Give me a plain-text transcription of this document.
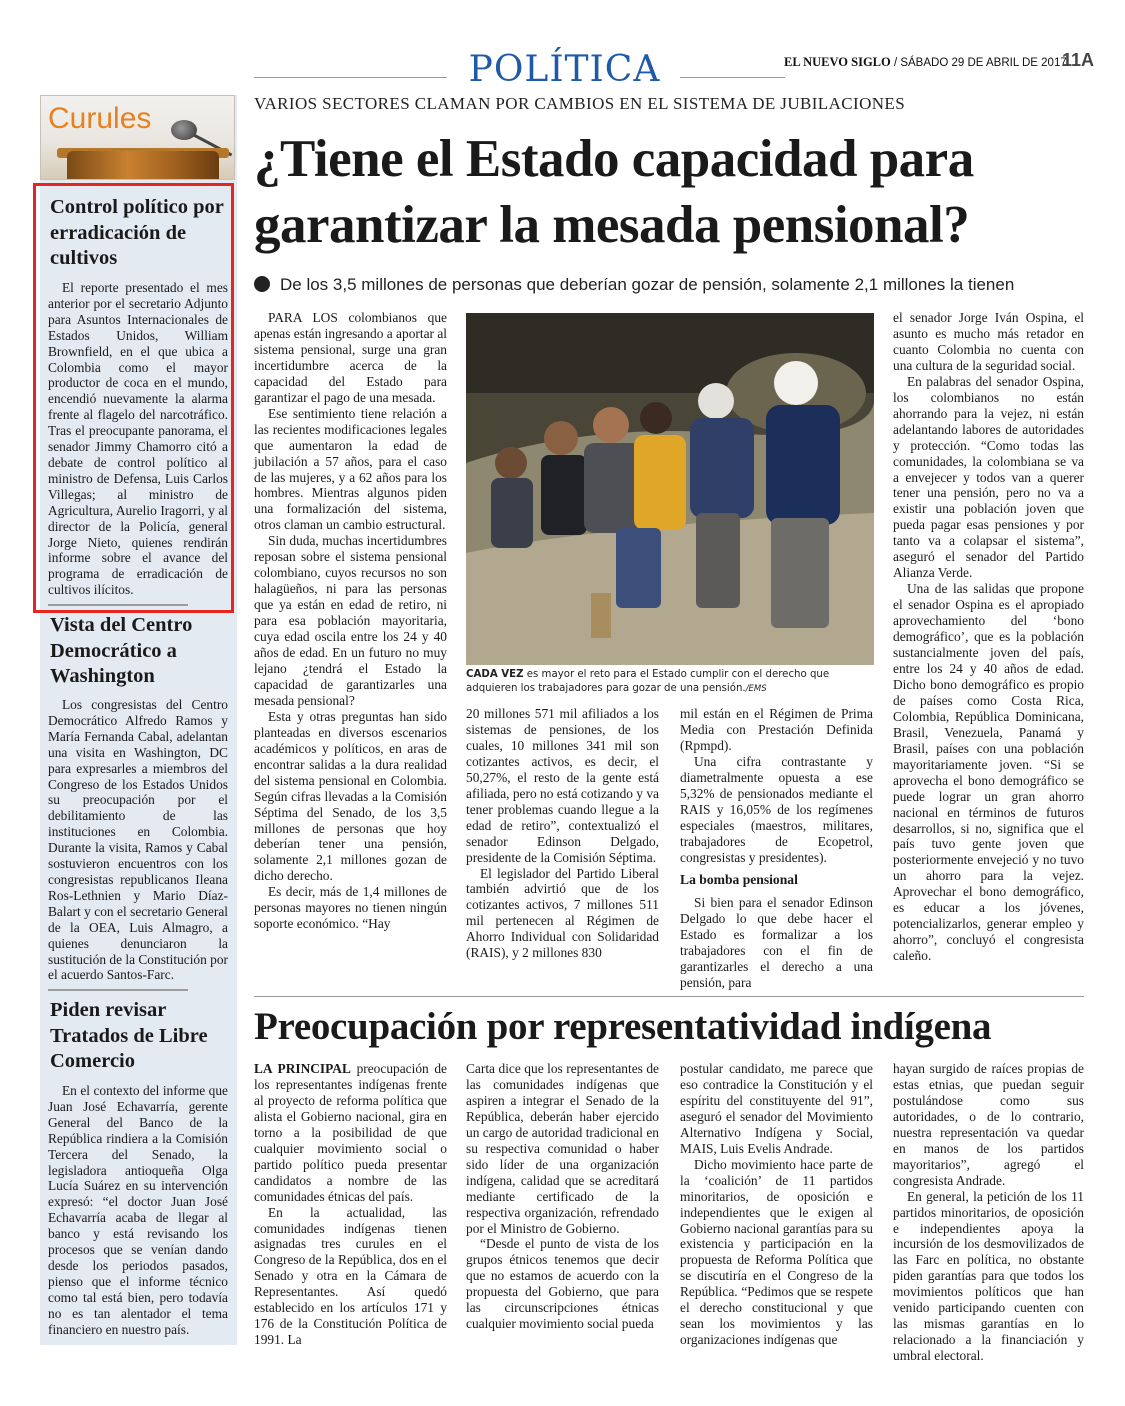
POLÍTICA	EL NUEVO SIGLO / SÁBADO 29 DE ABRIL DE 2017
11A
Curules
Control político por erradicación de cultivos

El reporte presentado el mes anterior por el secretario Adjunto para Asuntos Internacionales de Estados Unidos, William Brownfield, en el que ubica a Colombia como el mayor productor de coca en el mundo, encendió nuevamente la alarma frente al flagelo del narcotráfico. Tras el preocupante panorama, el senador Jimmy Chamorro citó a debate de control político al ministro de Defensa, Luis Carlos Villegas; al ministro de Agricultura, Aurelio Iragorri, y al director de la Policía, general Jorge Nieto, quienes rendirán informe sobre el avance del programa de erradicación de cultivos ilícitos.

Vista del Centro Democrático a Washington

Los congresistas del Centro Democrático Alfredo Ramos y María Fernanda Cabal, adelantan una visita en Washington, DC para expresarles a miembros del Congreso de los Estados Unidos su preocupación por el debilitamiento de las instituciones en Colombia. Durante la visita, Ramos y Cabal sostuvieron encuentros con los congresistas republicanos Ileana Ros-Lethnien y Mario Díaz-Balart y con el secretario General de la OEA, Luis Almagro, a quienes denunciaron la sustitución de la Constitución por el acuerdo Santos-Farc.

Piden revisar Tratados de Libre Comercio

En el contexto del informe que Juan José Echavarría, gerente General del Banco de la República rindiera a la Comisión Tercera del Senado, la legisladora antioqueña Olga Lucía Suárez en su intervención expresó: “el doctor Juan José Echavarría acaba de llegar al banco y está revisando los procesos que se venían dando desde los periodos pasados, pienso que el informe técnico como tal está bien, pero todavía no es tan alentador el tema financiero en nuestro país.

VARIOS SECTORES CLAMAN POR CAMBIOS EN EL SISTEMA DE JUBILACIONES
¿Tiene el Estado capacidad para garantizar la mesada pensional?
De los 3,5 millones de personas que deberían gozar de pensión, solamente 2,1 millones la tienen

PARA LOS colombianos que apenas están ingresando a aportar al sistema pensional, surge una gran incertidumbre acerca de la capacidad del Estado para garantizar el pago de una mesada.

Ese sentimiento tiene relación a las recientes modificaciones legales que aumentaron la edad de jubilación a 57 años, para el caso de las mujeres, y a 62 años para los hombres. Mientras algunos piden una formalización del sistema, otros claman un cambio estructural.

Sin duda, muchas incertidumbres reposan sobre el sistema pensional colombiano, cuyos recursos no son halagüeños, ni para las personas que ya están en edad de retiro, ni para esa población mayoritaria, cuya edad oscila entre los 24 y 40 años de edad. En un futuro no muy lejano ¿tendrá el Estado la capacidad de garantizarles una mesada pensional?

Esta y otras preguntas han sido planteadas en diversos escenarios académicos y políticos, en aras de encontrar salidas a la dura realidad del sistema pensional en Colombia. Según cifras llevadas a la Comisión Séptima del Senado, de los 3,5 millones de personas que hoy deberían tener una pensión, solamente 2,1 millones gozan de dicho derecho.

Es decir, más de 1,4 millones de personas mayores no tienen ningún soporte económico. “Hay

CADA VEZ es mayor el reto para el Estado cumplir con el derecho que adquieren los trabajadores para gozar de una pensión./EMS

20 millones 571 mil afiliados a los sistemas de pensiones, de los cuales, 10 millones 341 mil son cotizantes activos, es decir, el 50,27%, el resto de la gente está afiliada, pero no está cotizando y va tener problemas cuando llegue a la edad de retiro”, contextualizó el senador Edinson Delgado, presidente de la Comisión Séptima.

El legislador del Partido Liberal también advirtió que de los cotizantes activos, 7 millones 511 mil pertenecen al Régimen de Ahorro Individual con Solidaridad (RAIS), y 2 millones 830

mil están en el Régimen de Prima Media con Prestación Definida (Rpmpd).

Una cifra contrastante y diametralmente opuesta a ese 5,32% de pensionados mediante el RAIS y 16,05% de los regímenes especiales (maestros, militares, trabajadores de Ecopetrol, congresistas y presidentes).

La bomba pensional

Si bien para el senador Edinson Delgado lo que debe hacer el Estado es formalizar a los trabajadores con el fin de garantizarles el derecho a una pensión, para

el senador Jorge Iván Ospina, el asunto es mucho más retador en cuanto Colombia no cuenta con una cultura de la seguridad social.

En palabras del senador Ospina, los colombianos no están ahorrando para la vejez, ni están adelantando labores de autoridades y protección. “Como todas las comunidades, la colombiana se va a envejecer y todos van a querer tener una pensión, pero no va a existir una población joven que pueda pagar esas pensiones y por tanto va a colapsar el sistema”, aseguró el senador del Partido Alianza Verde.

Una de las salidas que propone el senador Ospina es el apropiado aprovechamiento del ‘bono demográfico’, que es la población sustancialmente joven del país, entre los 24 y 40 años de edad. Dicho bono demográfico es propio de países como Costa Rica, Colombia, República Dominicana, Brasil, Venezuela, Panamá y Brasil, países con una población mayoritariamente joven. “Si se aprovecha el bono demográfico se puede lograr un gran ahorro nacional en términos de futuros desarrollos, si no, significa que el país tuvo gente joven que posteriormente envejeció y no tuvo un ahorro para la vejez. Aprovechar el bono demográfico, es educar a los jóvenes, potencializarlos, generar empleo y ahorro”, concluyó el congresista caleño.

Preocupación por representatividad indígena

LA PRINCIPAL preocupación de los representantes indígenas frente al proyecto de reforma política que alista el Gobierno nacional, gira en torno a la posibilidad de que cualquier movimiento social o partido político pueda presentar candidatos a nombre de las comunidades étnicas del país.

En la actualidad, las comunidades indígenas tienen asignadas tres curules en el Congreso de la República, dos en el Senado y otra en la Cámara de Representantes. Así quedó establecido en los artículos 171 y 176 de la Constitución Política de 1991. La

Carta dice que los representantes de las comunidades indígenas que aspiren a integrar el Senado de la República, deberán haber ejercido un cargo de autoridad tradicional en su respectiva comunidad o haber sido líder de una organización indígena, calidad que se acreditará mediante certificado de la respectiva organización, refrendado por el Ministro de Gobierno.

“Desde el punto de vista de los grupos étnicos tenemos que decir que no estamos de acuerdo con la propuesta del Gobierno, que para las circunscripciones étnicas cualquier movimiento social pueda

postular candidato, me parece que eso contradice la Constitución y el espíritu del constituyente del 91”, aseguró el senador del Movimiento Alternativo Indígena y Social, MAIS, Luis Evelis Andrade.

Dicho movimiento hace parte de la ‘coalición’ de 11 partidos minoritarios, de oposición e independientes que le exigen al Gobierno nacional garantías para su existencia y participación en la propuesta de Reforma Política que se discutiría en el Congreso de la República. “Pedimos que se respete el derecho constitucional y que sean los movimientos y las organizaciones indígenas que

hayan surgido de raíces propias de estas etnias, que puedan seguir postulándose como sus autoridades, o de lo contrario, nuestra representación va quedar en manos de los partidos mayoritarios”, agregó el congresista Andrade.

En general, la petición de los 11 partidos minoritarios, de oposición e independientes apoya la incursión de los desmovilizados de las Farc en política, no obstante piden garantías para que todos los movimientos políticos que han venido participando cuenten con las mismas garantías en lo relacionado a la financiación y umbral electoral.
